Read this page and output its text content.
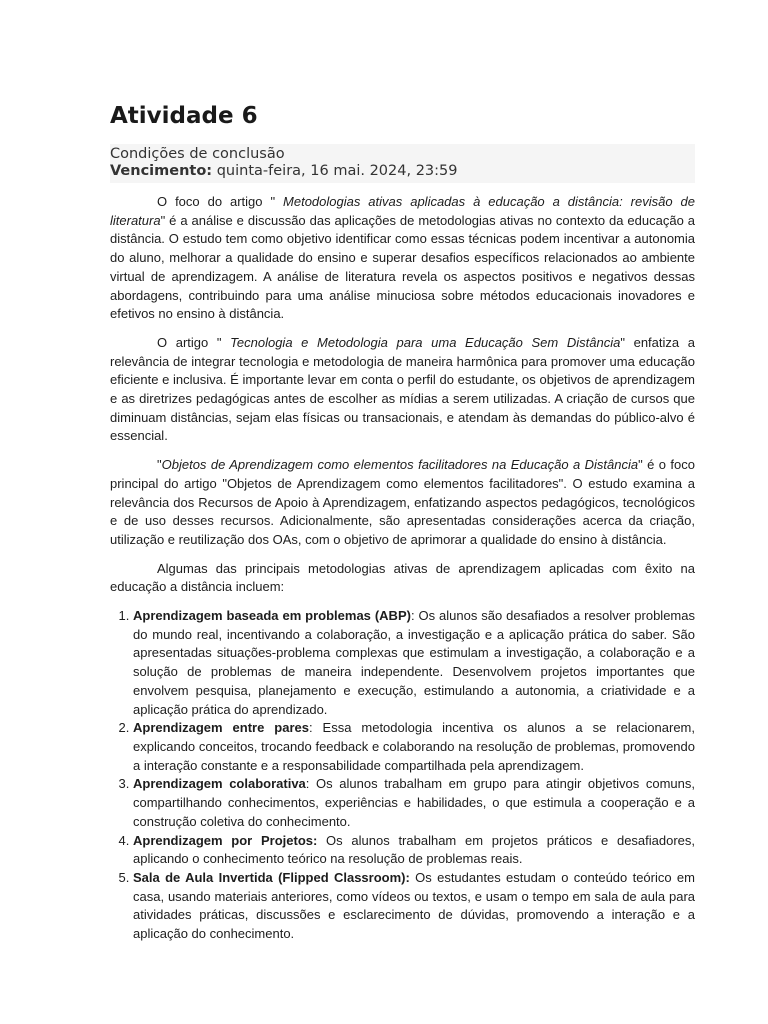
Atividade 6
Condições de conclusão
Vencimento: quinta-feira, 16 mai. 2024, 23:59

O foco do artigo " Metodologias ativas aplicadas à educação a distância: revisão de literatura" é a análise e discussão das aplicações de metodologias ativas no contexto da educação a distância. O estudo tem como objetivo identificar como essas técnicas podem incentivar a autonomia do aluno, melhorar a qualidade do ensino e superar desafios específicos relacionados ao ambiente virtual de aprendizagem. A análise de literatura revela os aspectos positivos e negativos dessas abordagens, contribuindo para uma análise minuciosa sobre métodos educacionais inovadores e efetivos no ensino à distância.

O artigo " Tecnologia e Metodologia para uma Educação Sem Distância" enfatiza a relevância de integrar tecnologia e metodologia de maneira harmônica para promover uma educação eficiente e inclusiva. É importante levar em conta o perfil do estudante, os objetivos de aprendizagem e as diretrizes pedagógicas antes de escolher as mídias a serem utilizadas. A criação de cursos que diminuam distâncias, sejam elas físicas ou transacionais, e atendam às demandas do público-alvo é essencial.

"Objetos de Aprendizagem como elementos facilitadores na Educação a Distância" é o foco principal do artigo "Objetos de Aprendizagem como elementos facilitadores". O estudo examina a relevância dos Recursos de Apoio à Aprendizagem, enfatizando aspectos pedagógicos, tecnológicos e de uso desses recursos. Adicionalmente, são apresentadas considerações acerca da criação, utilização e reutilização dos OAs, com o objetivo de aprimorar a qualidade do ensino à distância.

Algumas das principais metodologias ativas de aprendizagem aplicadas com êxito na educação a distância incluem:

1. Aprendizagem baseada em problemas (ABP): Os alunos são desafiados a resolver problemas do mundo real, incentivando a colaboração, a investigação e a aplicação prática do saber. São apresentadas situações-problema complexas que estimulam a investigação, a colaboração e a solução de problemas de maneira independente. Desenvolvem projetos importantes que envolvem pesquisa, planejamento e execução, estimulando a autonomia, a criatividade e a aplicação prática do aprendizado.
2. Aprendizagem entre pares: Essa metodologia incentiva os alunos a se relacionarem, explicando conceitos, trocando feedback e colaborando na resolução de problemas, promovendo a interação constante e a responsabilidade compartilhada pela aprendizagem.
3. Aprendizagem colaborativa: Os alunos trabalham em grupo para atingir objetivos comuns, compartilhando conhecimentos, experiências e habilidades, o que estimula a cooperação e a construção coletiva do conhecimento.
4. Aprendizagem por Projetos: Os alunos trabalham em projetos práticos e desafiadores, aplicando o conhecimento teórico na resolução de problemas reais.
5. Sala de Aula Invertida (Flipped Classroom): Os estudantes estudam o conteúdo teórico em casa, usando materiais anteriores, como vídeos ou textos, e usam o tempo em sala de aula para atividades práticas, discussões e esclarecimento de dúvidas, promovendo a interação e a aplicação do conhecimento.
